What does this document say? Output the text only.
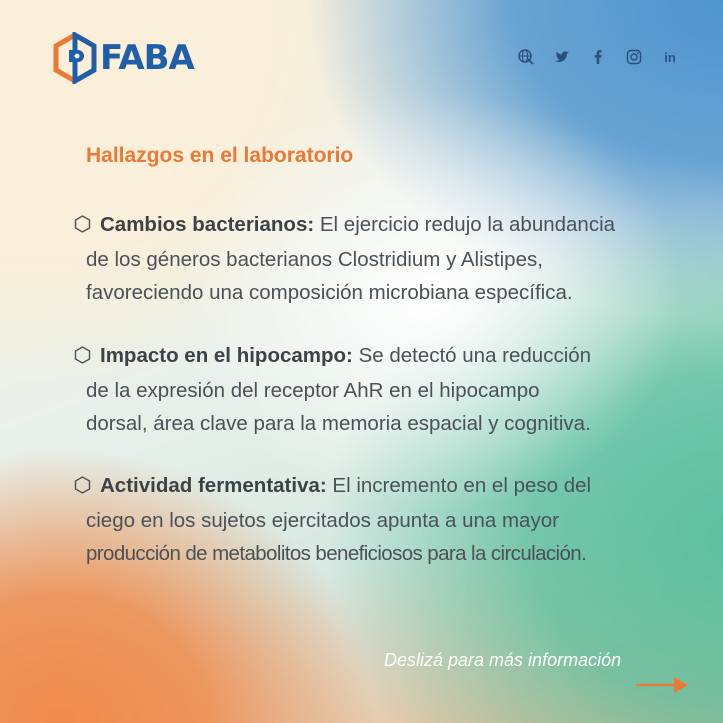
FABA	in
Hallazgos en el laboratorio
Cambios bacterianos: El ejercicio redujo la abundancia
de los géneros bacterianos Clostridium y Alistipes,
favoreciendo una composición microbiana específica.
Impacto en el hipocampo: Se detectó una reducción
de la expresión del receptor AhR en el hipocampo
dorsal, área clave para la memoria espacial y cognitiva.
Actividad fermentativa: El incremento en el peso del
ciego en los sujetos ejercitados apunta a una mayor
producción de metabolitos beneficiosos para la circulación.
Deslizá para más información
